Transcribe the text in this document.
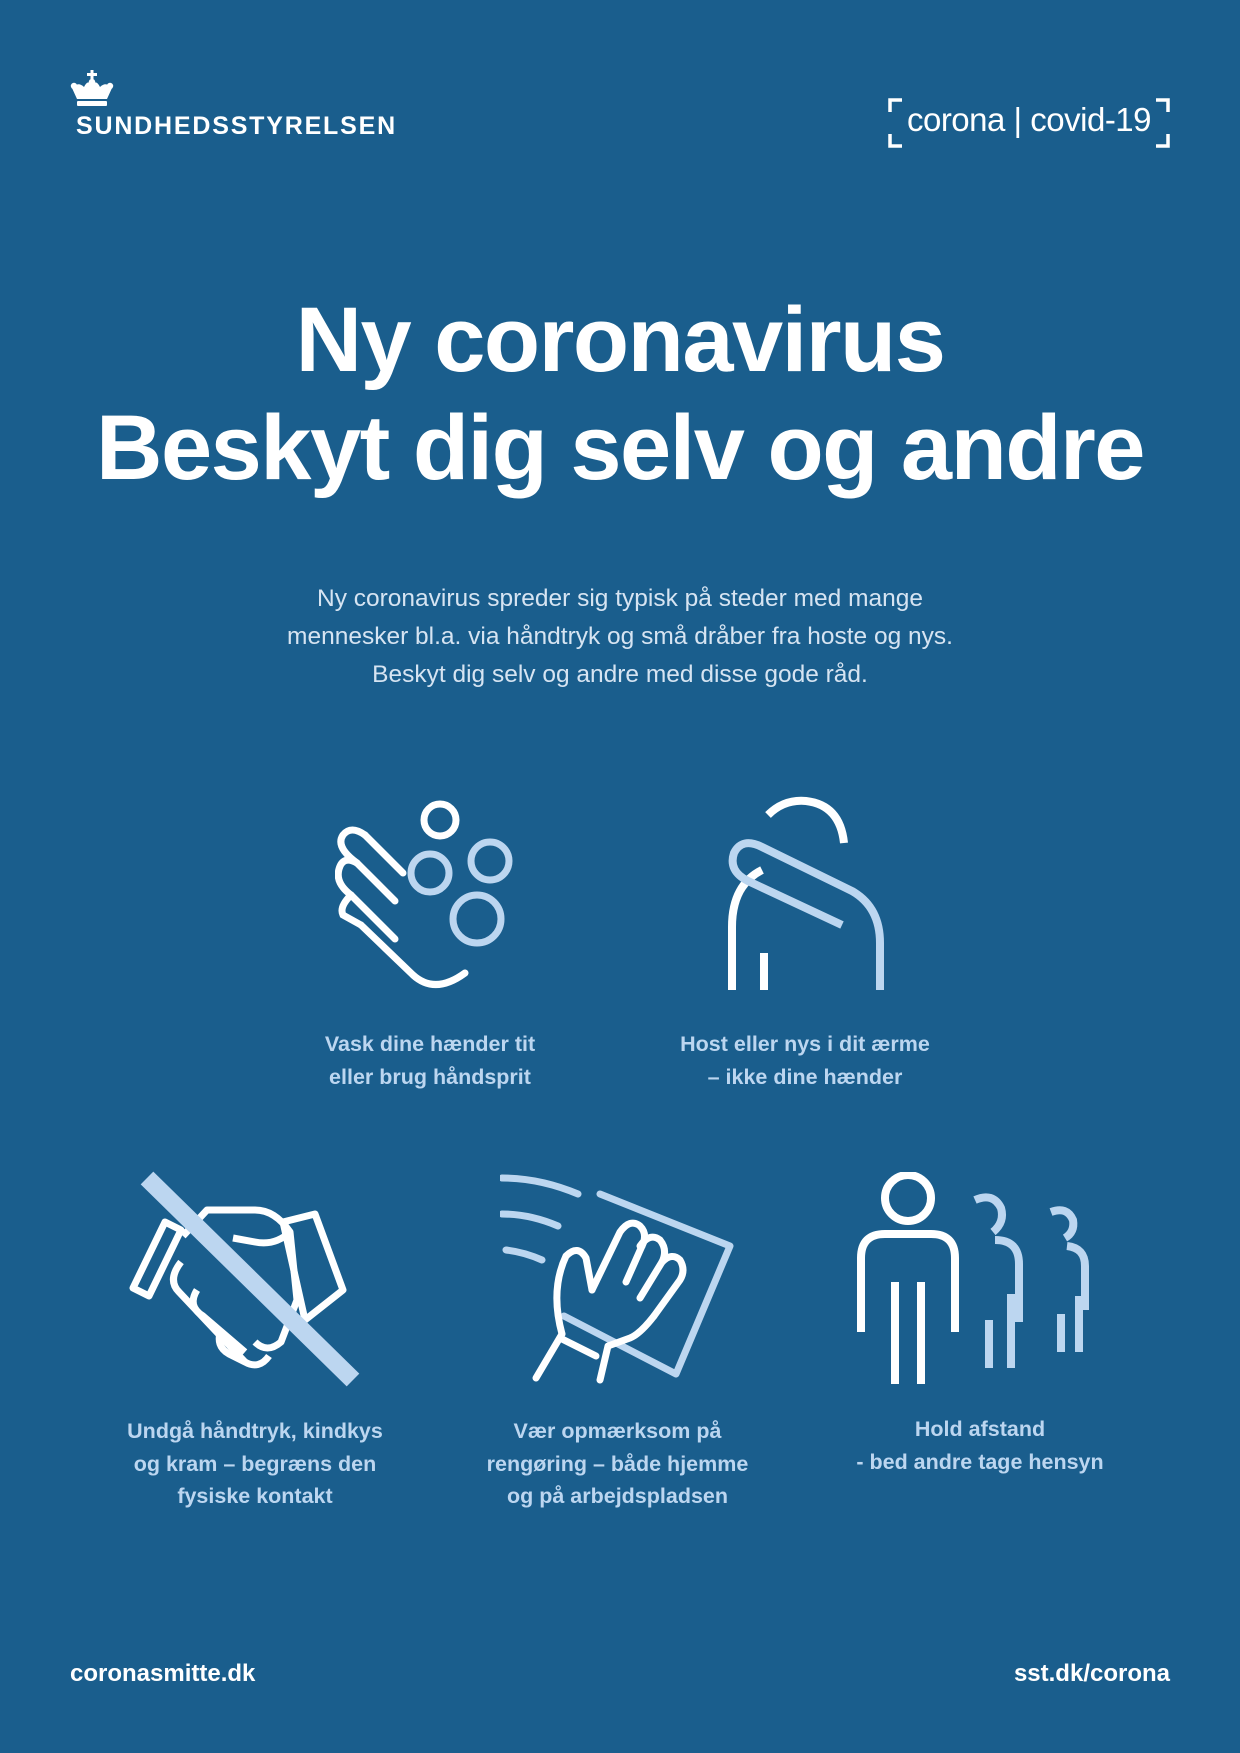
SUNDHEDSSTYRELSEN	corona | covid-19
Ny coronavirus
Beskyt dig selv og andre
Ny coronavirus spreder sig typisk på steder med mange
mennesker bl.a. via håndtryk og små dråber fra hoste og nys.
Beskyt dig selv og andre med disse gode råd.
Vask dine hænder tit
eller brug håndsprit
Host eller nys i dit ærme
– ikke dine hænder
Undgå håndtryk, kindkys
og kram – begræns den
fysiske kontakt
Vær opmærksom på
rengøring – både hjemme
og på arbejdspladsen
Hold afstand
- bed andre tage hensyn
coronasmitte.dk	sst.dk/corona
